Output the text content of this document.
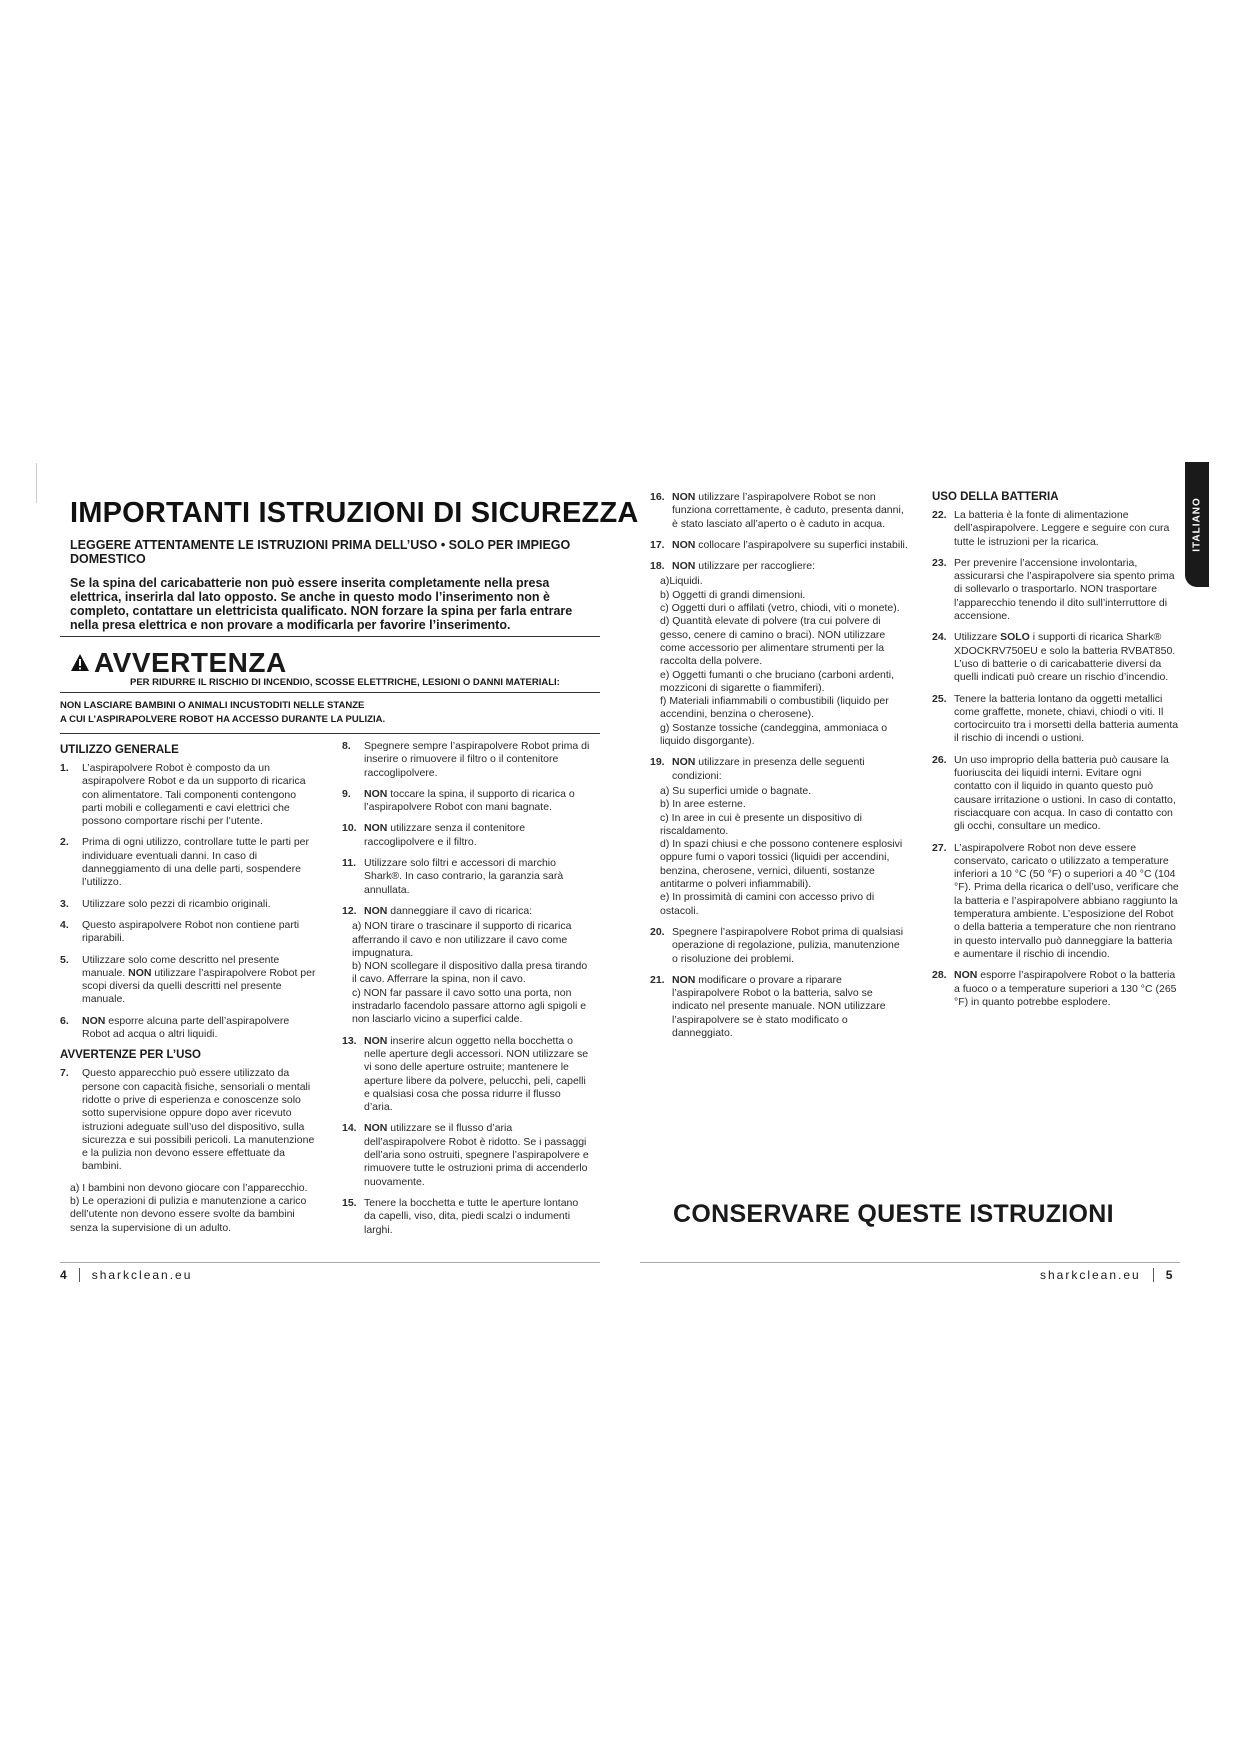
IMPORTANTI ISTRUZIONI DI SICUREZZA
LEGGERE ATTENTAMENTE LE ISTRUZIONI PRIMA DELL’USO • SOLO PER IMPIEGO DOMESTICO
Se la spina del caricabatterie non può essere inserita completamente nella presa elettrica, inserirla dal lato opposto. Se anche in questo modo l’inserimento non è completo, contattare un elettricista qualificato. NON forzare la spina per farla entrare nella presa elettrica e non provare a modificarla per favorire l’inserimento.
AVVERTENZA
PER RIDURRE IL RISCHIO DI INCENDIO, SCOSSE ELETTRICHE, LESIONI O DANNI MATERIALI:
NON LASCIARE BAMBINI O ANIMALI INCUSTODITI NELLE STANZE
A CUI L’ASPIRAPOLVERE ROBOT HA ACCESSO DURANTE LA PULIZIA.
UTILIZZO GENERALE
1.	L’aspirapolvere Robot è composto da un aspirapolvere Robot e da un supporto di ricarica con alimentatore. Tali componenti contengono parti mobili e collegamenti e cavi elettrici che possono comportare rischi per l’utente.
2.	Prima di ogni utilizzo, controllare tutte le parti per individuare eventuali danni. In caso di danneggiamento di una delle parti, sospendere l’utilizzo.
3.	Utilizzare solo pezzi di ricambio originali.
4.	Questo aspirapolvere Robot non contiene parti riparabili.
5.	Utilizzare solo come descritto nel presente manuale. NON utilizzare l’aspirapolvere Robot per scopi diversi da quelli descritti nel presente manuale.
6.	NON esporre alcuna parte dell’aspirapolvere Robot ad acqua o altri liquidi.
AVVERTENZE PER L’USO
7.	Questo apparecchio può essere utilizzato da persone con capacità fisiche, sensoriali o mentali ridotte o prive di esperienza e conoscenze solo sotto supervisione oppure dopo aver ricevuto istruzioni adeguate sull’uso del dispositivo, sulla sicurezza e sui possibili pericoli. La manutenzione e la pulizia non devono essere effettuate da bambini.
a) I bambini non devono giocare con l’apparecchio.
b) Le operazioni di pulizia e manutenzione a carico dell’utente non devono essere svolte da bambini senza la supervisione di un adulto.
8.	Spegnere sempre l’aspirapolvere Robot prima di inserire o rimuovere il filtro o il contenitore raccoglipolvere.
9.	NON toccare la spina, il supporto di ricarica o l’aspirapolvere Robot con mani bagnate.
10. NON utilizzare senza il contenitore raccoglipolvere e il filtro.
11. Utilizzare solo filtri e accessori di marchio Shark®. In caso contrario, la garanzia sarà annullata.
12. NON danneggiare il cavo di ricarica:
a) NON tirare o trascinare il supporto di ricarica afferrando il cavo e non utilizzare il cavo come impugnatura.
b) NON scollegare il dispositivo dalla presa tirando il cavo. Afferrare la spina, non il cavo.
c) NON far passare il cavo sotto una porta, non instradarlo facendolo passare attorno agli spigoli e non lasciarlo vicino a superfici calde.
13. NON inserire alcun oggetto nella bocchetta o nelle aperture degli accessori. NON utilizzare se vi sono delle aperture ostruite; mantenere le aperture libere da polvere, pelucchi, peli, capelli e qualsiasi cosa che possa ridurre il flusso d’aria.
14. NON utilizzare se il flusso d’aria dell’aspirapolvere Robot è ridotto. Se i passaggi dell’aria sono ostruiti, spegnere l’aspirapolvere e rimuovere tutte le ostruzioni prima di accenderlo nuovamente.
15. Tenere la bocchetta e tutte le aperture lontano da capelli, viso, dita, piedi scalzi o indumenti larghi.
4 sharkclean.eu
16. NON utilizzare l’aspirapolvere Robot se non funziona correttamente, è caduto, presenta danni, è stato lasciato all’aperto o è caduto in acqua.
17. NON collocare l’aspirapolvere su superfici instabili.
18. NON utilizzare per raccogliere:
a)Liquidi.
b) Oggetti di grandi dimensioni.
c) Oggetti duri o affilati (vetro, chiodi, viti o monete).
d) Quantità elevate di polvere (tra cui polvere di gesso, cenere di camino o braci). NON utilizzare come accessorio per alimentare strumenti per la raccolta della polvere.
e) Oggetti fumanti o che bruciano (carboni ardenti, mozziconi di sigarette o fiammiferi).
f) Materiali infiammabili o combustibili (liquido per accendini, benzina o cherosene).
g) Sostanze tossiche (candeggina, ammoniaca o liquido disgorgante).
19. NON utilizzare in presenza delle seguenti condizioni:
a) Su superfici umide o bagnate.
b) In aree esterne.
c) In aree in cui è presente un dispositivo di riscaldamento.
d) In spazi chiusi e che possono contenere esplosivi oppure fumi o vapori tossici (liquidi per accendini, benzina, cherosene, vernici, diluenti, sostanze antitarme o polveri infiammabili).
e) In prossimità di camini con accesso privo di ostacoli.
20. Spegnere l’aspirapolvere Robot prima di qualsiasi operazione di regolazione, pulizia, manutenzione o risoluzione dei problemi.
21. NON modificare o provare a riparare l’aspirapolvere Robot o la batteria, salvo se indicato nel presente manuale. NON utilizzare l’aspirapolvere se è stato modificato o danneggiato.
USO DELLA BATTERIA
22. La batteria è la fonte di alimentazione dell’aspirapolvere. Leggere e seguire con cura tutte le istruzioni per la ricarica.
23. Per prevenire l’accensione involontaria, assicurarsi che l’aspirapolvere sia spento prima di sollevarlo o trasportarlo. NON trasportare l’apparecchio tenendo il dito sull’interruttore di accensione.
24. Utilizzare SOLO i supporti di ricarica Shark® XDOCKRV750EU e solo la batteria RVBAT850. L’uso di batterie o di caricabatterie diversi da quelli indicati può creare un rischio d’incendio.
25. Tenere la batteria lontano da oggetti metallici come graffette, monete, chiavi, chiodi o viti. Il cortocircuito tra i morsetti della batteria aumenta il rischio di incendi o ustioni.
26. Un uso improprio della batteria può causare la fuoriuscita dei liquidi interni. Evitare ogni contatto con il liquido in quanto questo può causare irritazione o ustioni. In caso di contatto, risciacquare con acqua. In caso di contatto con gli occhi, consultare un medico.
27. L’aspirapolvere Robot non deve essere conservato, caricato o utilizzato a temperature inferiori a 10 °C (50 °F) o superiori a 40 °C (104 °F). Prima della ricarica o dell’uso, verificare che la batteria e l’aspirapolvere abbiano raggiunto la temperatura ambiente. L’esposizione del Robot o della batteria a temperature che non rientrano in questo intervallo può danneggiare la batteria e aumentare il rischio di incendio.
28. NON esporre l’aspirapolvere Robot o la batteria a fuoco o a temperature superiori a 130 °C (265 °F) in quanto potrebbe esplodere.
CONSERVARE QUESTE ISTRUZIONI
sharkclean.eu 5
ITALIANO
